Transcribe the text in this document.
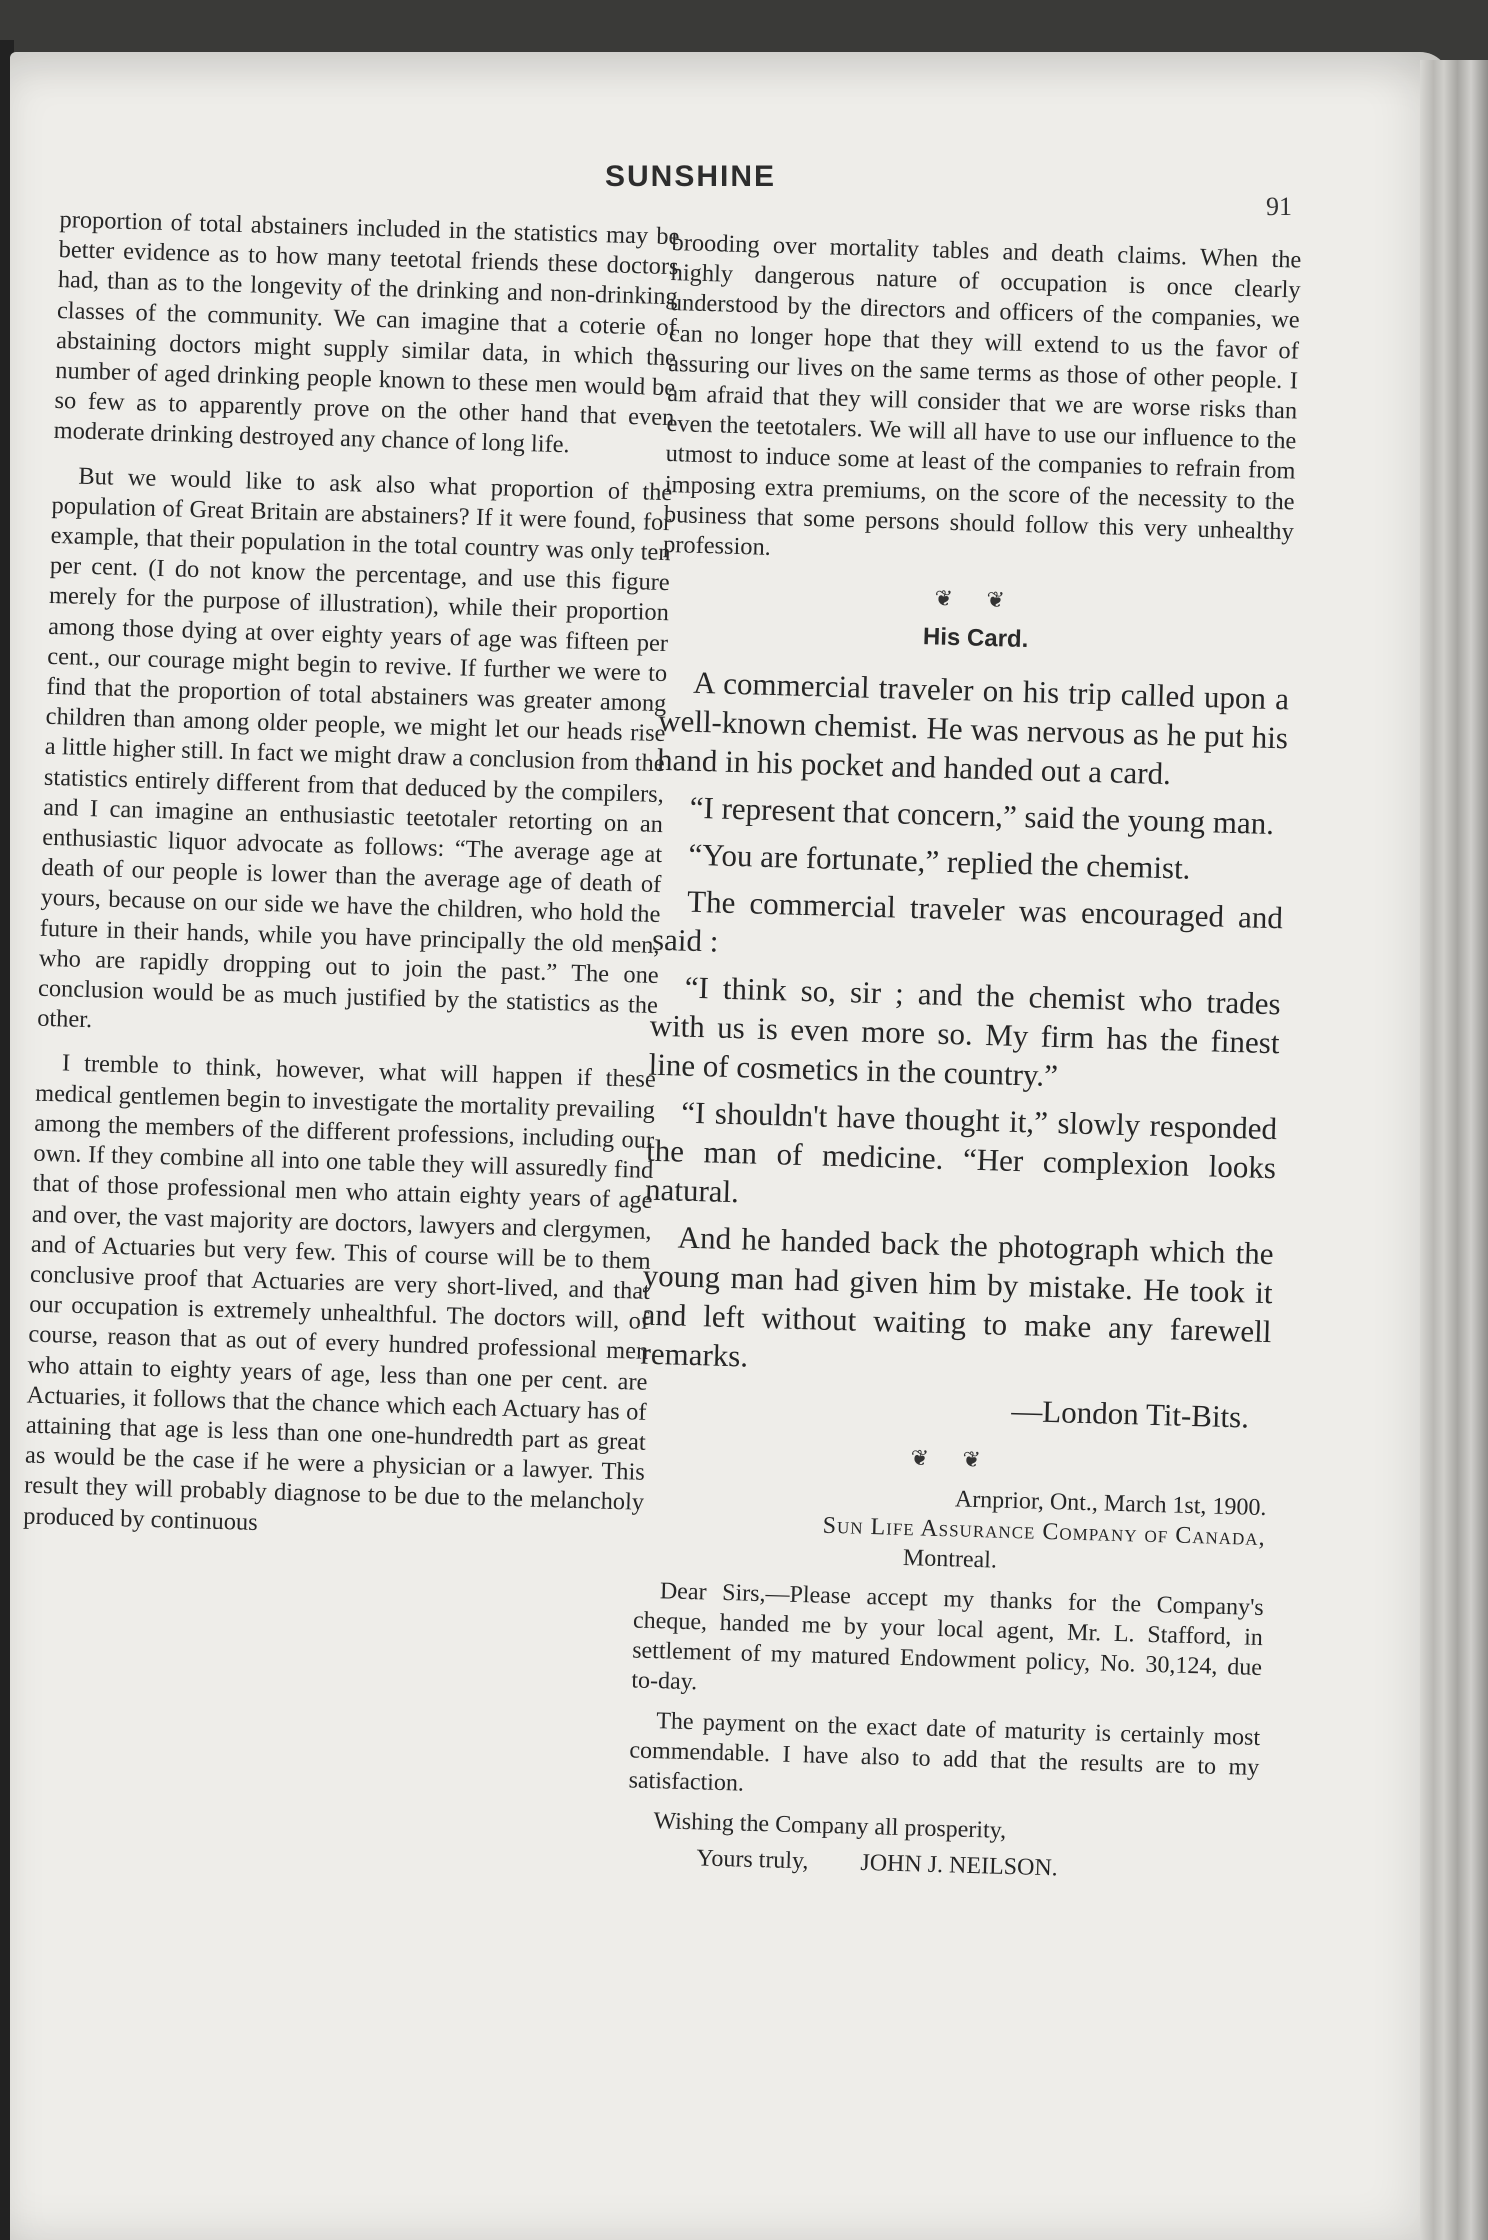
SUNSHINE
91

proportion of total abstainers included in the statistics may be better evidence as to how many teetotal friends these doctors had, than as to the longevity of the drinking and non-drinking classes of the community. We can imagine that a coterie of abstaining doctors might supply similar data, in which the number of aged drinking people known to these men would be so few as to apparently prove on the other hand that even moderate drinking destroyed any chance of long life.

But we would like to ask also what proportion of the population of Great Britain are abstainers? If it were found, for example, that their population in the total country was only ten per cent. (I do not know the percentage, and use this figure merely for the purpose of illustration), while their proportion among those dying at over eighty years of age was fifteen per cent., our courage might begin to revive. If further we were to find that the proportion of total abstainers was greater among children than among older people, we might let our heads rise a little higher still. In fact we might draw a conclusion from the statistics entirely different from that deduced by the compilers, and I can imagine an enthusiastic teetotaler retorting on an enthusiastic liquor advocate as follows: “The average age at death of our people is lower than the average age of death of yours, because on our side we have the children, who hold the future in their hands, while you have principally the old men, who are rapidly dropping out to join the past.” The one conclusion would be as much justified by the statistics as the other.

I tremble to think, however, what will happen if these medical gentlemen begin to investigate the mortality prevailing among the members of the different professions, including our own. If they combine all into one table they will assuredly find that of those professional men who attain eighty years of age and over, the vast majority are doctors, lawyers and clergymen, and of Actuaries but very few. This of course will be to them conclusive proof that Actuaries are very short-lived, and that our occupation is extremely unhealthful. The doctors will, of course, reason that as out of every hundred professional men who attain to eighty years of age, less than one per cent. are Actuaries, it follows that the chance which each Actuary has of attaining that age is less than one one-hundredth part as great as would be the case if he were a physician or a lawyer. This result they will probably diagnose to be due to the melancholy produced by continuous

brooding over mortality tables and death claims. When the highly dangerous nature of occupation is once clearly understood by the directors and officers of the companies, we can no longer hope that they will extend to us the favor of assuring our lives on the same terms as those of other people. I am afraid that they will consider that we are worse risks than even the teetotalers. We will all have to use our influence to the utmost to induce some at least of the companies to refrain from imposing extra premiums, on the score of the necessity to the business that some persons should follow this very unhealthy profession.

❦ ❦
His Card.

A commercial traveler on his trip called upon a well-known chemist. He was nervous as he put his hand in his pocket and handed out a card.

“I represent that concern,” said the young man.

“You are fortunate,” replied the chemist.

The commercial traveler was encouraged and said :

“I think so, sir ; and the chemist who trades with us is even more so. My firm has the finest line of cosmetics in the country.”

“I shouldn't have thought it,” slowly responded the man of medicine. “Her complexion looks natural.

And he handed back the photograph which the young man had given him by mistake. He took it and left without waiting to make any farewell remarks.

—London Tit-Bits.

❦ ❦
Arnprior, Ont., March 1st, 1900.
Sun Life Assurance Company of Canada,
Montreal.

Dear Sirs,—Please accept my thanks for the Company's cheque, handed me by your local agent, Mr. L. Stafford, in settlement of my matured Endowment policy, No. 30,124, due to-day.

The payment on the exact date of maturity is certainly most commendable. I have also to add that the results are to my satisfaction.

Wishing the Company all prosperity,
Yours truly, JOHN J. NEILSON.
